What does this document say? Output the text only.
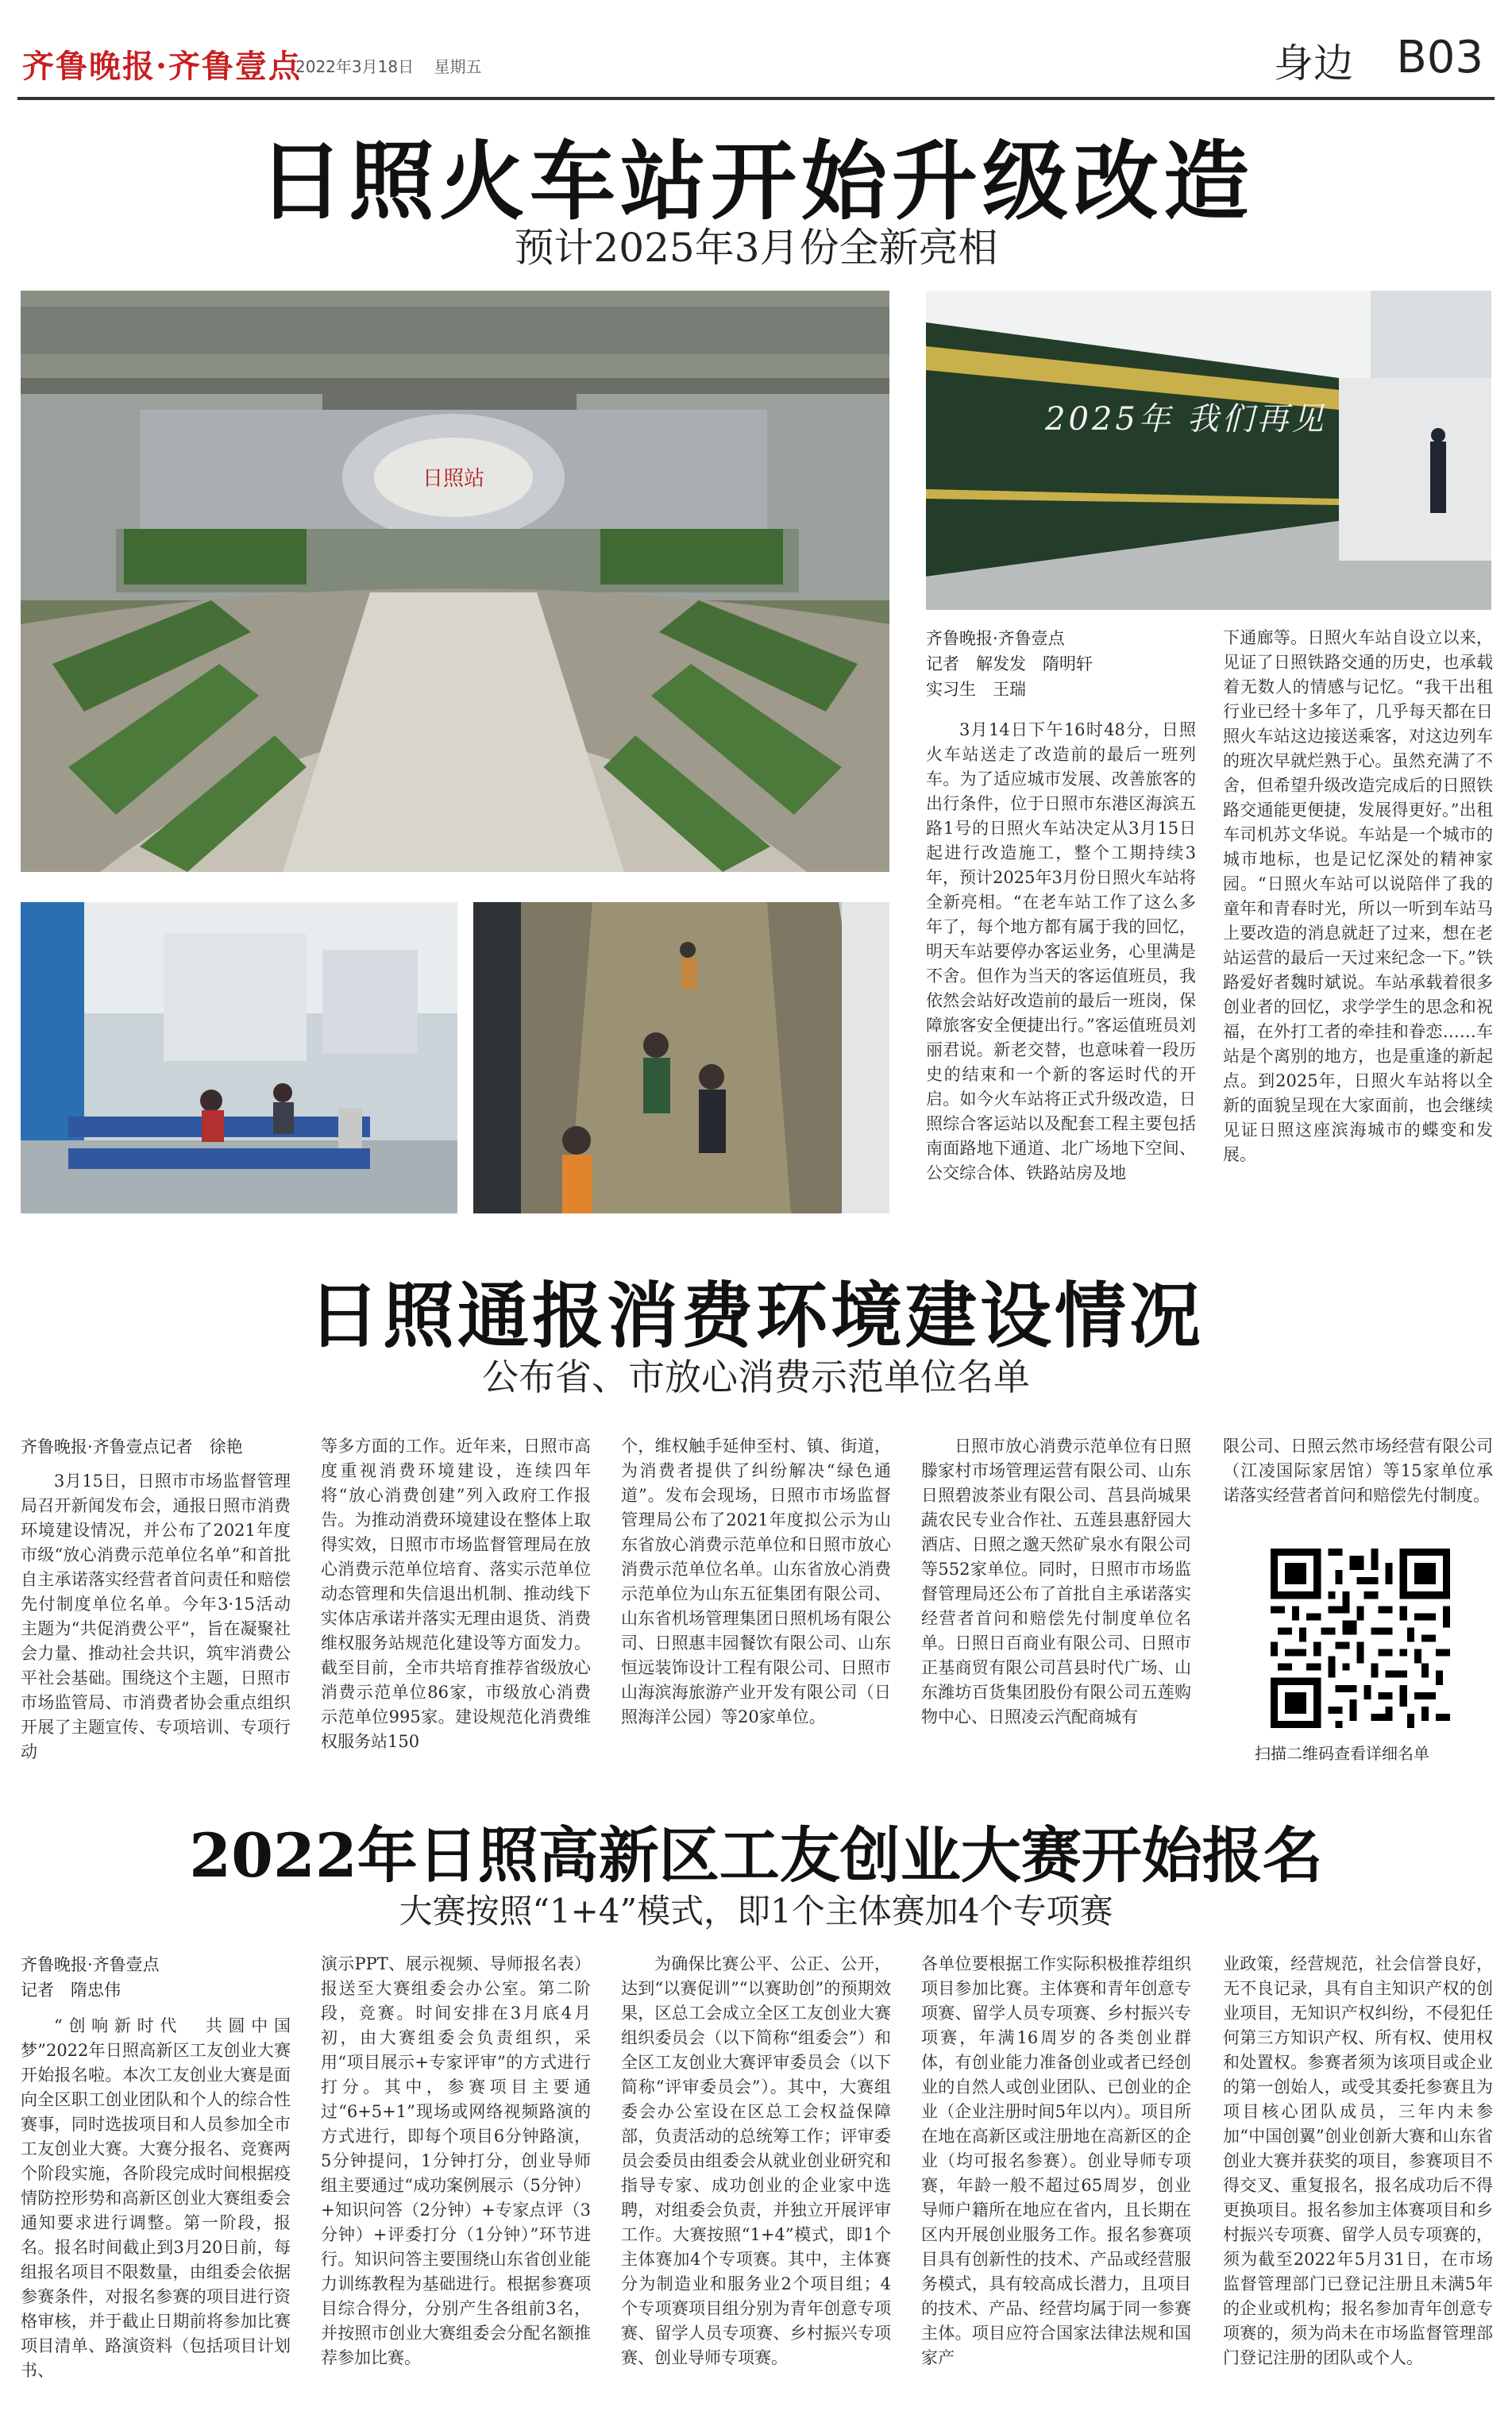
齐鲁晚报·齐鲁壹点
2022年3月18日 星期五	身边 B03
日照火车站开始升级改造
预计2025年3月份全新亮相
日照站
2025年 我们再见
齐鲁晚报·齐鲁壹点
记者　解发发　隋明轩
实习生　王瑞

3月14日下午16时48分，日照火车站送走了改造前的最后一班列车。为了适应城市发展、改善旅客的出行条件，位于日照市东港区海滨五路1号的日照火车站决定从3月15日起进行改造施工，整个工期持续3年，预计2025年3月份日照火车站将全新亮相。“在老车站工作了这么多年了，每个地方都有属于我的回忆，明天车站要停办客运业务，心里满是不舍。但作为当天的客运值班员，我依然会站好改造前的最后一班岗，保障旅客安全便捷出行。”客运值班员刘丽君说。新老交替，也意味着一段历史的结束和一个新的客运时代的开启。如今火车站将正式升级改造，日照综合客运站以及配套工程主要包括南面路地下通道、北广场地下空间、公交综合体、铁路站房及地

下通廊等。日照火车站自设立以来，见证了日照铁路交通的历史，也承载着无数人的情感与记忆。“我干出租行业已经十多年了，几乎每天都在日照火车站这边接送乘客，对这边列车的班次早就烂熟于心。虽然充满了不舍，但希望升级改造完成后的日照铁路交通能更便捷，发展得更好。”出租车司机苏文华说。车站是一个城市的城市地标，也是记忆深处的精神家园。“日照火车站可以说陪伴了我的童年和青春时光，所以一听到车站马上要改造的消息就赶了过来，想在老站运营的最后一天过来纪念一下。”铁路爱好者魏时斌说。车站承载着很多创业者的回忆，求学学生的思念和祝福，在外打工者的牵挂和眷恋……车站是个离别的地方，也是重逢的新起点。到2025年，日照火车站将以全新的面貌呈现在大家面前，也会继续见证日照这座滨海城市的蝶变和发展。

日照通报消费环境建设情况
公布省、市放心消费示范单位名单
齐鲁晚报·齐鲁壹点记者　徐艳

3月15日，日照市市场监督管理局召开新闻发布会，通报日照市消费环境建设情况，并公布了2021年度市级“放心消费示范单位名单”和首批自主承诺落实经营者首问责任和赔偿先付制度单位名单。今年3·15活动主题为“共促消费公平”，旨在凝聚社会力量、推动社会共识，筑牢消费公平社会基础。围绕这个主题，日照市市场监管局、市消费者协会重点组织开展了主题宣传、专项培训、专项行动

等多方面的工作。近年来，日照市高度重视消费环境建设，连续四年将“放心消费创建”列入政府工作报告。为推动消费环境建设在整体上取得实效，日照市市场监督管理局在放心消费示范单位培育、落实示范单位动态管理和失信退出机制、推动线下实体店承诺并落实无理由退货、消费维权服务站规范化建设等方面发力。截至目前，全市共培育推荐省级放心消费示范单位86家，市级放心消费示范单位995家。建设规范化消费维权服务站150

个，维权触手延伸至村、镇、街道，为消费者提供了纠纷解决“绿色通道”。发布会现场，日照市市场监督管理局公布了2021年度拟公示为山东省放心消费示范单位和日照市放心消费示范单位名单。山东省放心消费示范单位为山东五征集团有限公司、山东省机场管理集团日照机场有限公司、日照惠丰园餐饮有限公司、山东恒远装饰设计工程有限公司、日照市山海滨海旅游产业开发有限公司（日照海洋公园）等20家单位。

日照市放心消费示范单位有日照滕家村市场管理运营有限公司、山东日照碧波茶业有限公司、莒县尚城果蔬农民专业合作社、五莲县惠舒园大酒店、日照之邈天然矿泉水有限公司等552家单位。同时，日照市市场监督管理局还公布了首批自主承诺落实经营者首问和赔偿先付制度单位名单。日照日百商业有限公司、日照市正基商贸有限公司莒县时代广场、山东潍坊百货集团股份有限公司五莲购物中心、日照凌云汽配商城有

限公司、日照云然市场经营有限公司（江凌国际家居馆）等15家单位承诺落实经营者首问和赔偿先付制度。

扫描二维码查看详细名单
2022年日照高新区工友创业大赛开始报名
大赛按照“1+4”模式，即1个主体赛加4个专项赛
齐鲁晚报·齐鲁壹点
记者　隋忠伟

“创响新时代　共圆中国梦”2022年日照高新区工友创业大赛开始报名啦。本次工友创业大赛是面向全区职工创业团队和个人的综合性赛事，同时选拔项目和人员参加全市工友创业大赛。大赛分报名、竞赛两个阶段实施，各阶段完成时间根据疫情防控形势和高新区创业大赛组委会通知要求进行调整。第一阶段，报名。报名时间截止到3月20日前，每组报名项目不限数量，由组委会依据参赛条件，对报名参赛的项目进行资格审核，并于截止日期前将参加比赛项目清单、路演资料（包括项目计划书、

演示PPT、展示视频、导师报名表）报送至大赛组委会办公室。第二阶段，竞赛。时间安排在3月底4月初，由大赛组委会负责组织，采用“项目展示+专家评审”的方式进行打分。其中，参赛项目主要通过“6+5+1”现场或网络视频路演的方式进行，即每个项目6分钟路演，5分钟提问，1分钟打分，创业导师组主要通过“成功案例展示（5分钟）+知识问答（2分钟）+专家点评（3分钟）+评委打分（1分钟）”环节进行。知识问答主要围绕山东省创业能力训练教程为基础进行。根据参赛项目综合得分，分别产生各组前3名，并按照市创业大赛组委会分配名额推荐参加比赛。

为确保比赛公平、公正、公开，达到“以赛促训”“以赛助创”的预期效果，区总工会成立全区工友创业大赛组织委员会（以下简称“组委会”）和全区工友创业大赛评审委员会（以下简称“评审委员会”）。其中，大赛组委会办公室设在区总工会权益保障部，负责活动的总统筹工作；评审委员会委员由组委会从就业创业研究和指导专家、成功创业的企业家中选聘，对组委会负责，并独立开展评审工作。大赛按照“1+4”模式，即1个主体赛加4个专项赛。其中，主体赛分为制造业和服务业2个项目组；4个专项赛项目组分别为青年创意专项赛、留学人员专项赛、乡村振兴专项赛、创业导师专项赛。

各单位要根据工作实际积极推荐组织项目参加比赛。主体赛和青年创意专项赛、留学人员专项赛、乡村振兴专项赛，年满16周岁的各类创业群体，有创业能力准备创业或者已经创业的自然人或创业团队、已创业的企业（企业注册时间5年以内）。项目所在地在高新区或注册地在高新区的企业（均可报名参赛）。创业导师专项赛，年龄一般不超过65周岁，创业导师户籍所在地应在省内，且长期在区内开展创业服务工作。报名参赛项目具有创新性的技术、产品或经营服务模式，具有较高成长潜力，且项目的技术、产品、经营均属于同一参赛主体。项目应符合国家法律法规和国家产

业政策，经营规范，社会信誉良好，无不良记录，具有自主知识产权的创业项目，无知识产权纠纷，不侵犯任何第三方知识产权、所有权、使用权和处置权。参赛者须为该项目或企业的第一创始人，或受其委托参赛且为项目核心团队成员，三年内未参加“中国创翼”创业创新大赛和山东省创业大赛并获奖的项目，参赛项目不得交叉、重复报名，报名成功后不得更换项目。报名参加主体赛项目和乡村振兴专项赛、留学人员专项赛的，须为截至2022年5月31日，在市场监督管理部门已登记注册且未满5年的企业或机构；报名参加青年创意专项赛的，须为尚未在市场监督管理部门登记注册的团队或个人。
